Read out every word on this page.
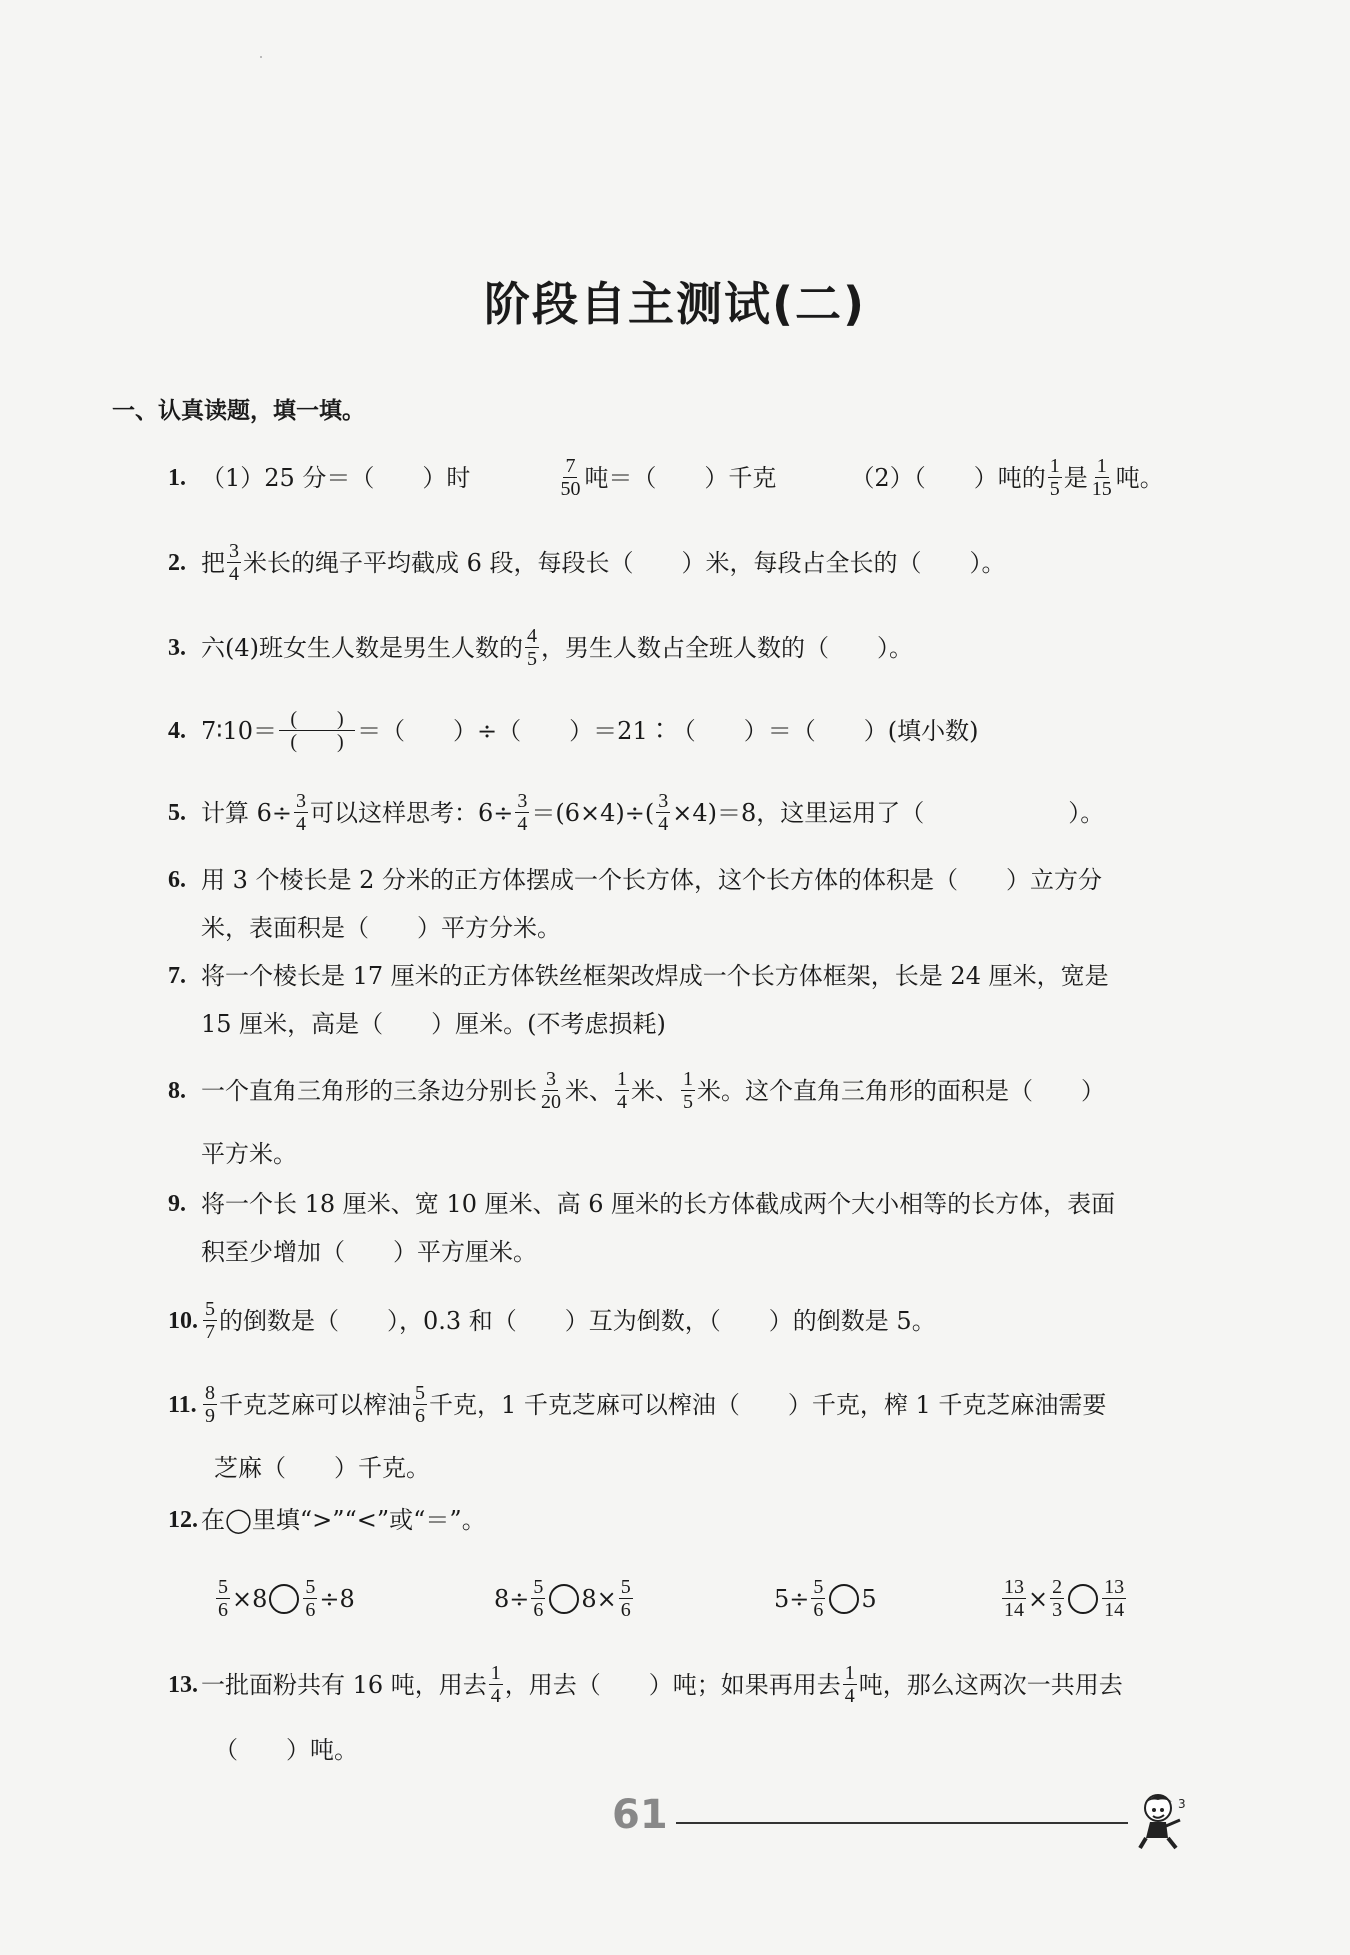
阶段自主测试(二)
一、认真读题，填一填。
1. （1）25 分＝（　　）时	$\frac{7}{50}$ 吨＝（　　）千克	（2）（　　）吨的 $\frac{1}{5}$ 是 $\frac{1}{15}$ 吨。
2. 把 $\frac{3}{4}$ 米长的绳子平均截成 6 段，每段长（　　）米，每段占全长的（　　）。
3. 六(4)班女生人数是男生人数的 $\frac{4}{5}$ ，男生人数占全班人数的（　　）。
4. 7∶10＝ $\frac{( )}{( )}$ ＝（　　）÷（　　）＝21∶（　　）＝（　　）(填小数)
5. 计算 $6\div \frac{3}{4}$ 可以这样思考：$6\div \frac{3}{4} =(6\times 4)\div( \frac{3}{4} \times 4)=8$，这里运用了（　　　　　　）。
6. 用 3 个棱长是 2 分米的正方体摆成一个长方体，这个长方体的体积是（　　）立方分
米，表面积是（　　）平方分米。
7. 将一个棱长是 17 厘米的正方体铁丝框架改焊成一个长方体框架，长是 24 厘米，宽是
15 厘米，高是（　　）厘米。(不考虑损耗)
8. 一个直角三角形的三条边分别长 $\frac{3}{20}$ 米、 $\frac{1}{4}$ 米、 $\frac{1}{5}$ 米。这个直角三角形的面积是（　　）
平方米。
9. 将一个长 18 厘米、宽 10 厘米、高 6 厘米的长方体截成两个大小相等的长方体，表面
积至少增加（　　）平方厘米。
10. $\frac{5}{7}$ 的倒数是（　　），0.3 和（　　）互为倒数，（　　）的倒数是 5。
11. $\frac{8}{9}$ 千克芝麻可以榨油 $\frac{5}{6}$ 千克，1 千克芝麻可以榨油（　　）千克，榨 1 千克芝麻油需要
芝麻（　　）千克。
12. 在◯里填“>”“<”或“＝”。
$\frac{5}{6} \times 8 \frac{5}{6} \div 8$	$8\div \frac{5}{6} 8\times \frac{5}{6}$	$5\div \frac{5}{6} 5$	$\frac{13}{14} \times \frac{2}{3} \frac{13}{14}$
13. 一批面粉共有 16 吨，用去 $\frac{1}{4}$ ，用去（　　）吨；如果再用去 $\frac{1}{4}$ 吨，那么这两次一共用去
（　　）吨。
61	3
